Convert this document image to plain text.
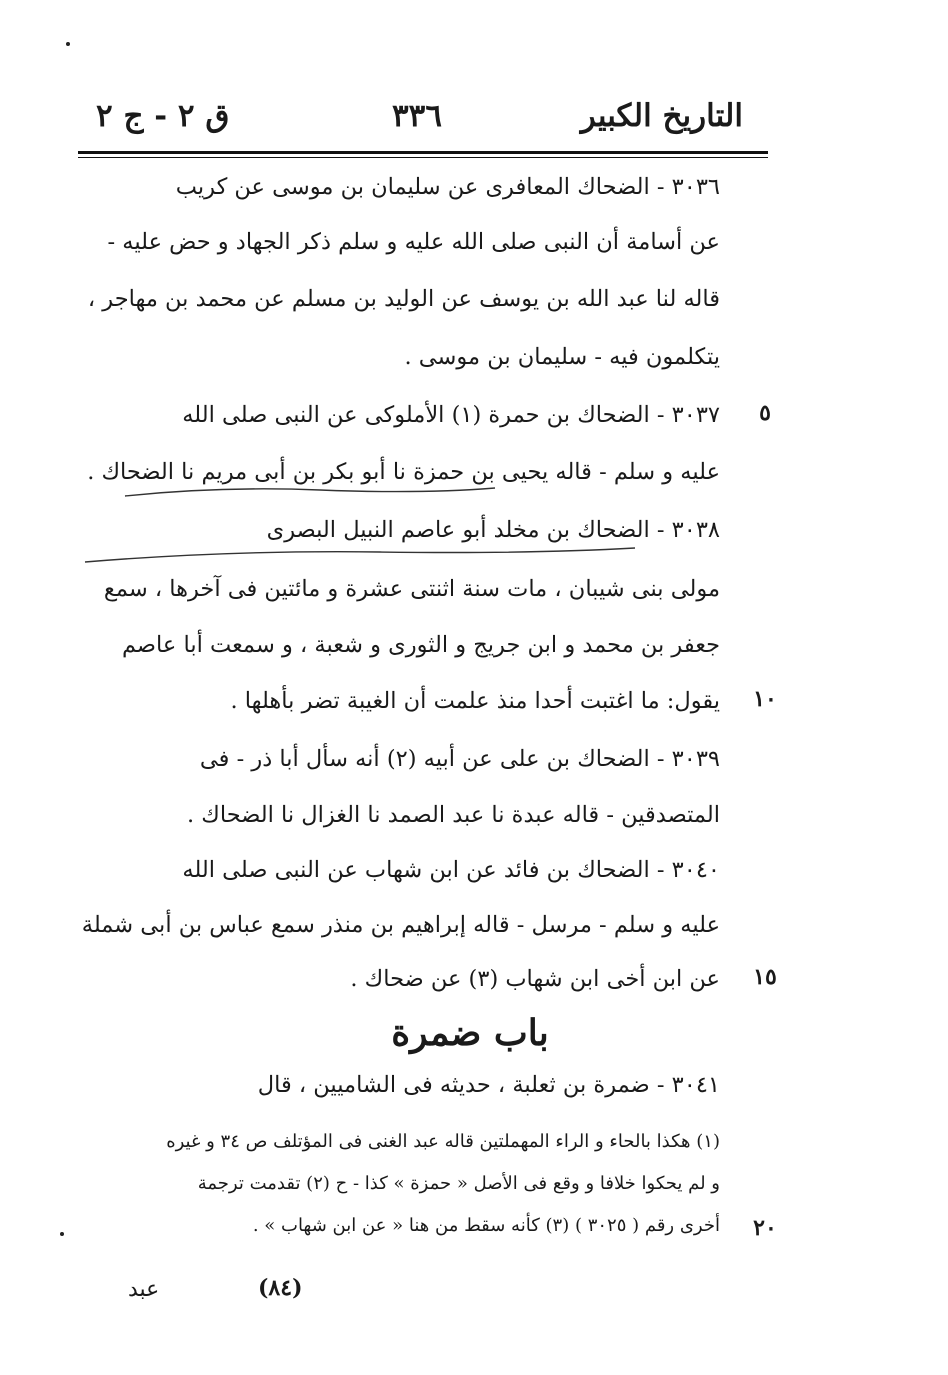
التاريخ الكبير
٣٣٦
ق ٢ - ج ٢
٣٠٣٦ - الضحاك المعافرى عن سليمان بن موسى عن كريب
عن أسامة أن النبى صلى الله عليه و سلم ذكر الجهاد و حض عليه -
قاله لنا عبد الله بن يوسف عن الوليد بن مسلم عن محمد بن مهاجر ،
يتكلمون فيه - سليمان بن موسى .
٣٠٣٧ - الضحاك بن حمرة (١) الأملوكى عن النبى صلى الله	٥
عليه و سلم - قاله يحيى بن حمزة نا أبو بكر بن أبى مريم نا الضحاك .
٣٠٣٨ - الضحاك بن مخلد أبو عاصم النبيل البصرى
مولى بنى شيبان ، مات سنة اثنتى عشرة و مائتين فى آخرها ، سمع
جعفر بن محمد و ابن جريج و الثورى و شعبة ، و سمعت أبا عاصم
يقول: ما اغتبت أحدا منذ علمت أن الغيبة تضر بأهلها .	١٠
٣٠٣٩ - الضحاك بن على عن أبيه (٢) أنه سأل أبا ذر - فى
المتصدقين - قاله عبدة نا عبد الصمد نا الغزال نا الضحاك .
٣٠٤٠ - الضحاك بن فائد عن ابن شهاب عن النبى صلى الله
عليه و سلم - مرسل - قاله إبراهيم بن منذر سمع عباس بن أبى شملة
عن ابن أخى ابن شهاب (٣) عن ضحاك .	١٥
باب ضمرة
٣٠٤١ - ضمرة بن ثعلبة ، حديثه فى الشاميين ، قال
(١) هكذا بالحاء و الراء المهملتين قاله عبد الغنى فى المؤتلف ص ٣٤ و غيره
و لم يحكوا خلافا و وقع فى الأصل « حمزة » كذا - ح (٢) تقدمت ترجمة
أخرى رقم ( ٣٠٢٥ ) (٣) كأنه سقط من هنا « عن ابن شهاب » .	٢٠
(٨٤)
عبد
